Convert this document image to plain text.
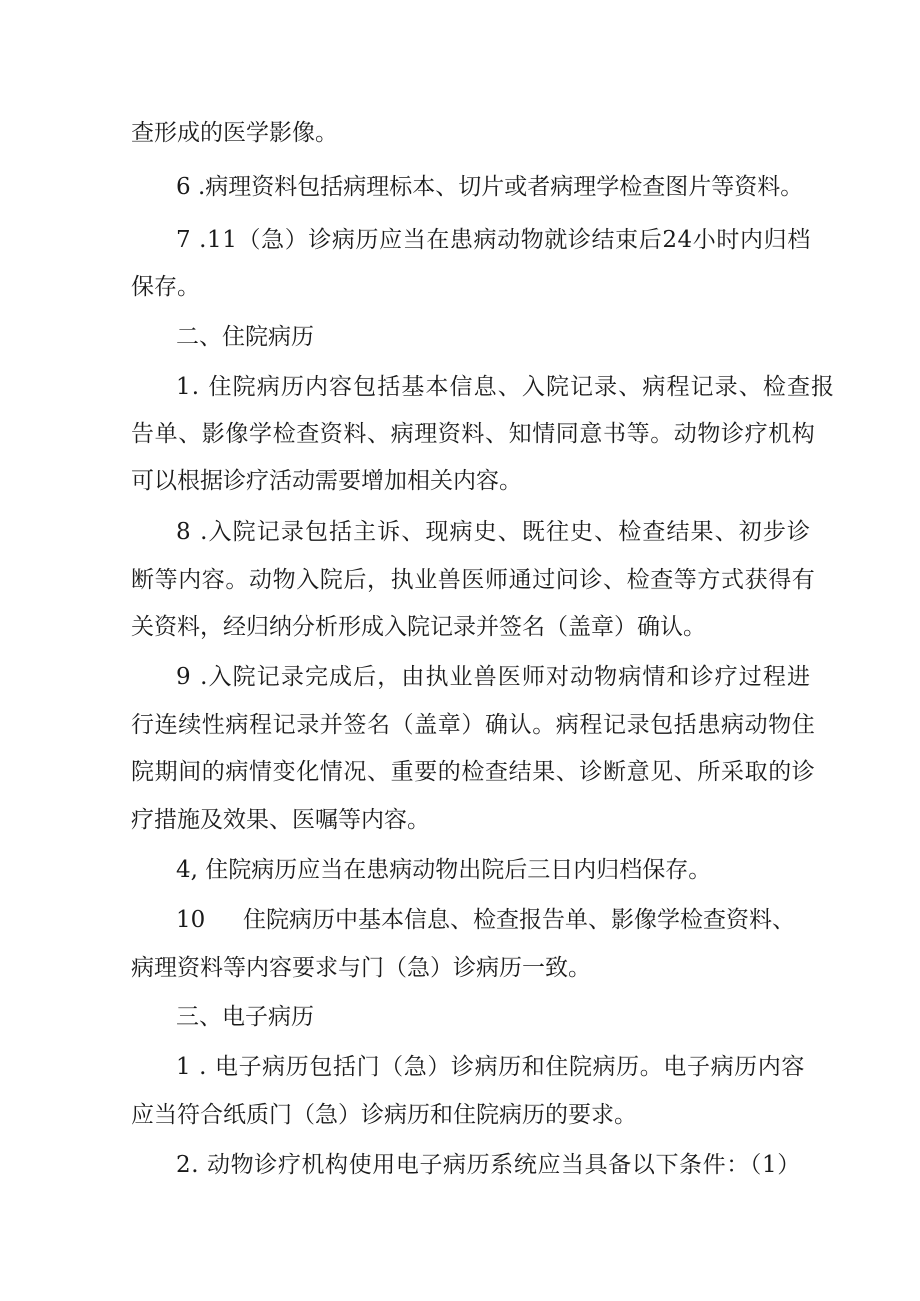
查形成的医学影像。
6 .病理资料包括病理标本、切片或者病理学检查图片等资料。
7 .11（急）诊病历应当在患病动物就诊结束后24小时内归档
保存。
二、住院病历
1. 住院病历内容包括基本信息、入院记录、病程记录、检查报
告单、影像学检查资料、病理资料、知情同意书等。动物诊疗机构
可以根据诊疗活动需要增加相关内容。
8 .入院记录包括主诉、现病史、既往史、检查结果、初步诊
断等内容。动物入院后，执业兽医师通过问诊、检查等方式获得有
关资料，经归纳分析形成入院记录并签名（盖章）确认。
9 .入院记录完成后，由执业兽医师对动物病情和诊疗过程进
行连续性病程记录并签名（盖章）确认。病程记录包括患病动物住
院期间的病情变化情况、重要的检查结果、诊断意见、所采取的诊
疗措施及效果、医嘱等内容。
4, 住院病历应当在患病动物出院后三日内归档保存。
10 住院病历中基本信息、检查报告单、影像学检查资料、
病理资料等内容要求与门（急）诊病历一致。
三、电子病历
1 . 电子病历包括门（急）诊病历和住院病历。电子病历内容
应当符合纸质门（急）诊病历和住院病历的要求。
2. 动物诊疗机构使用电子病历系统应当具备以下条件：（1）
